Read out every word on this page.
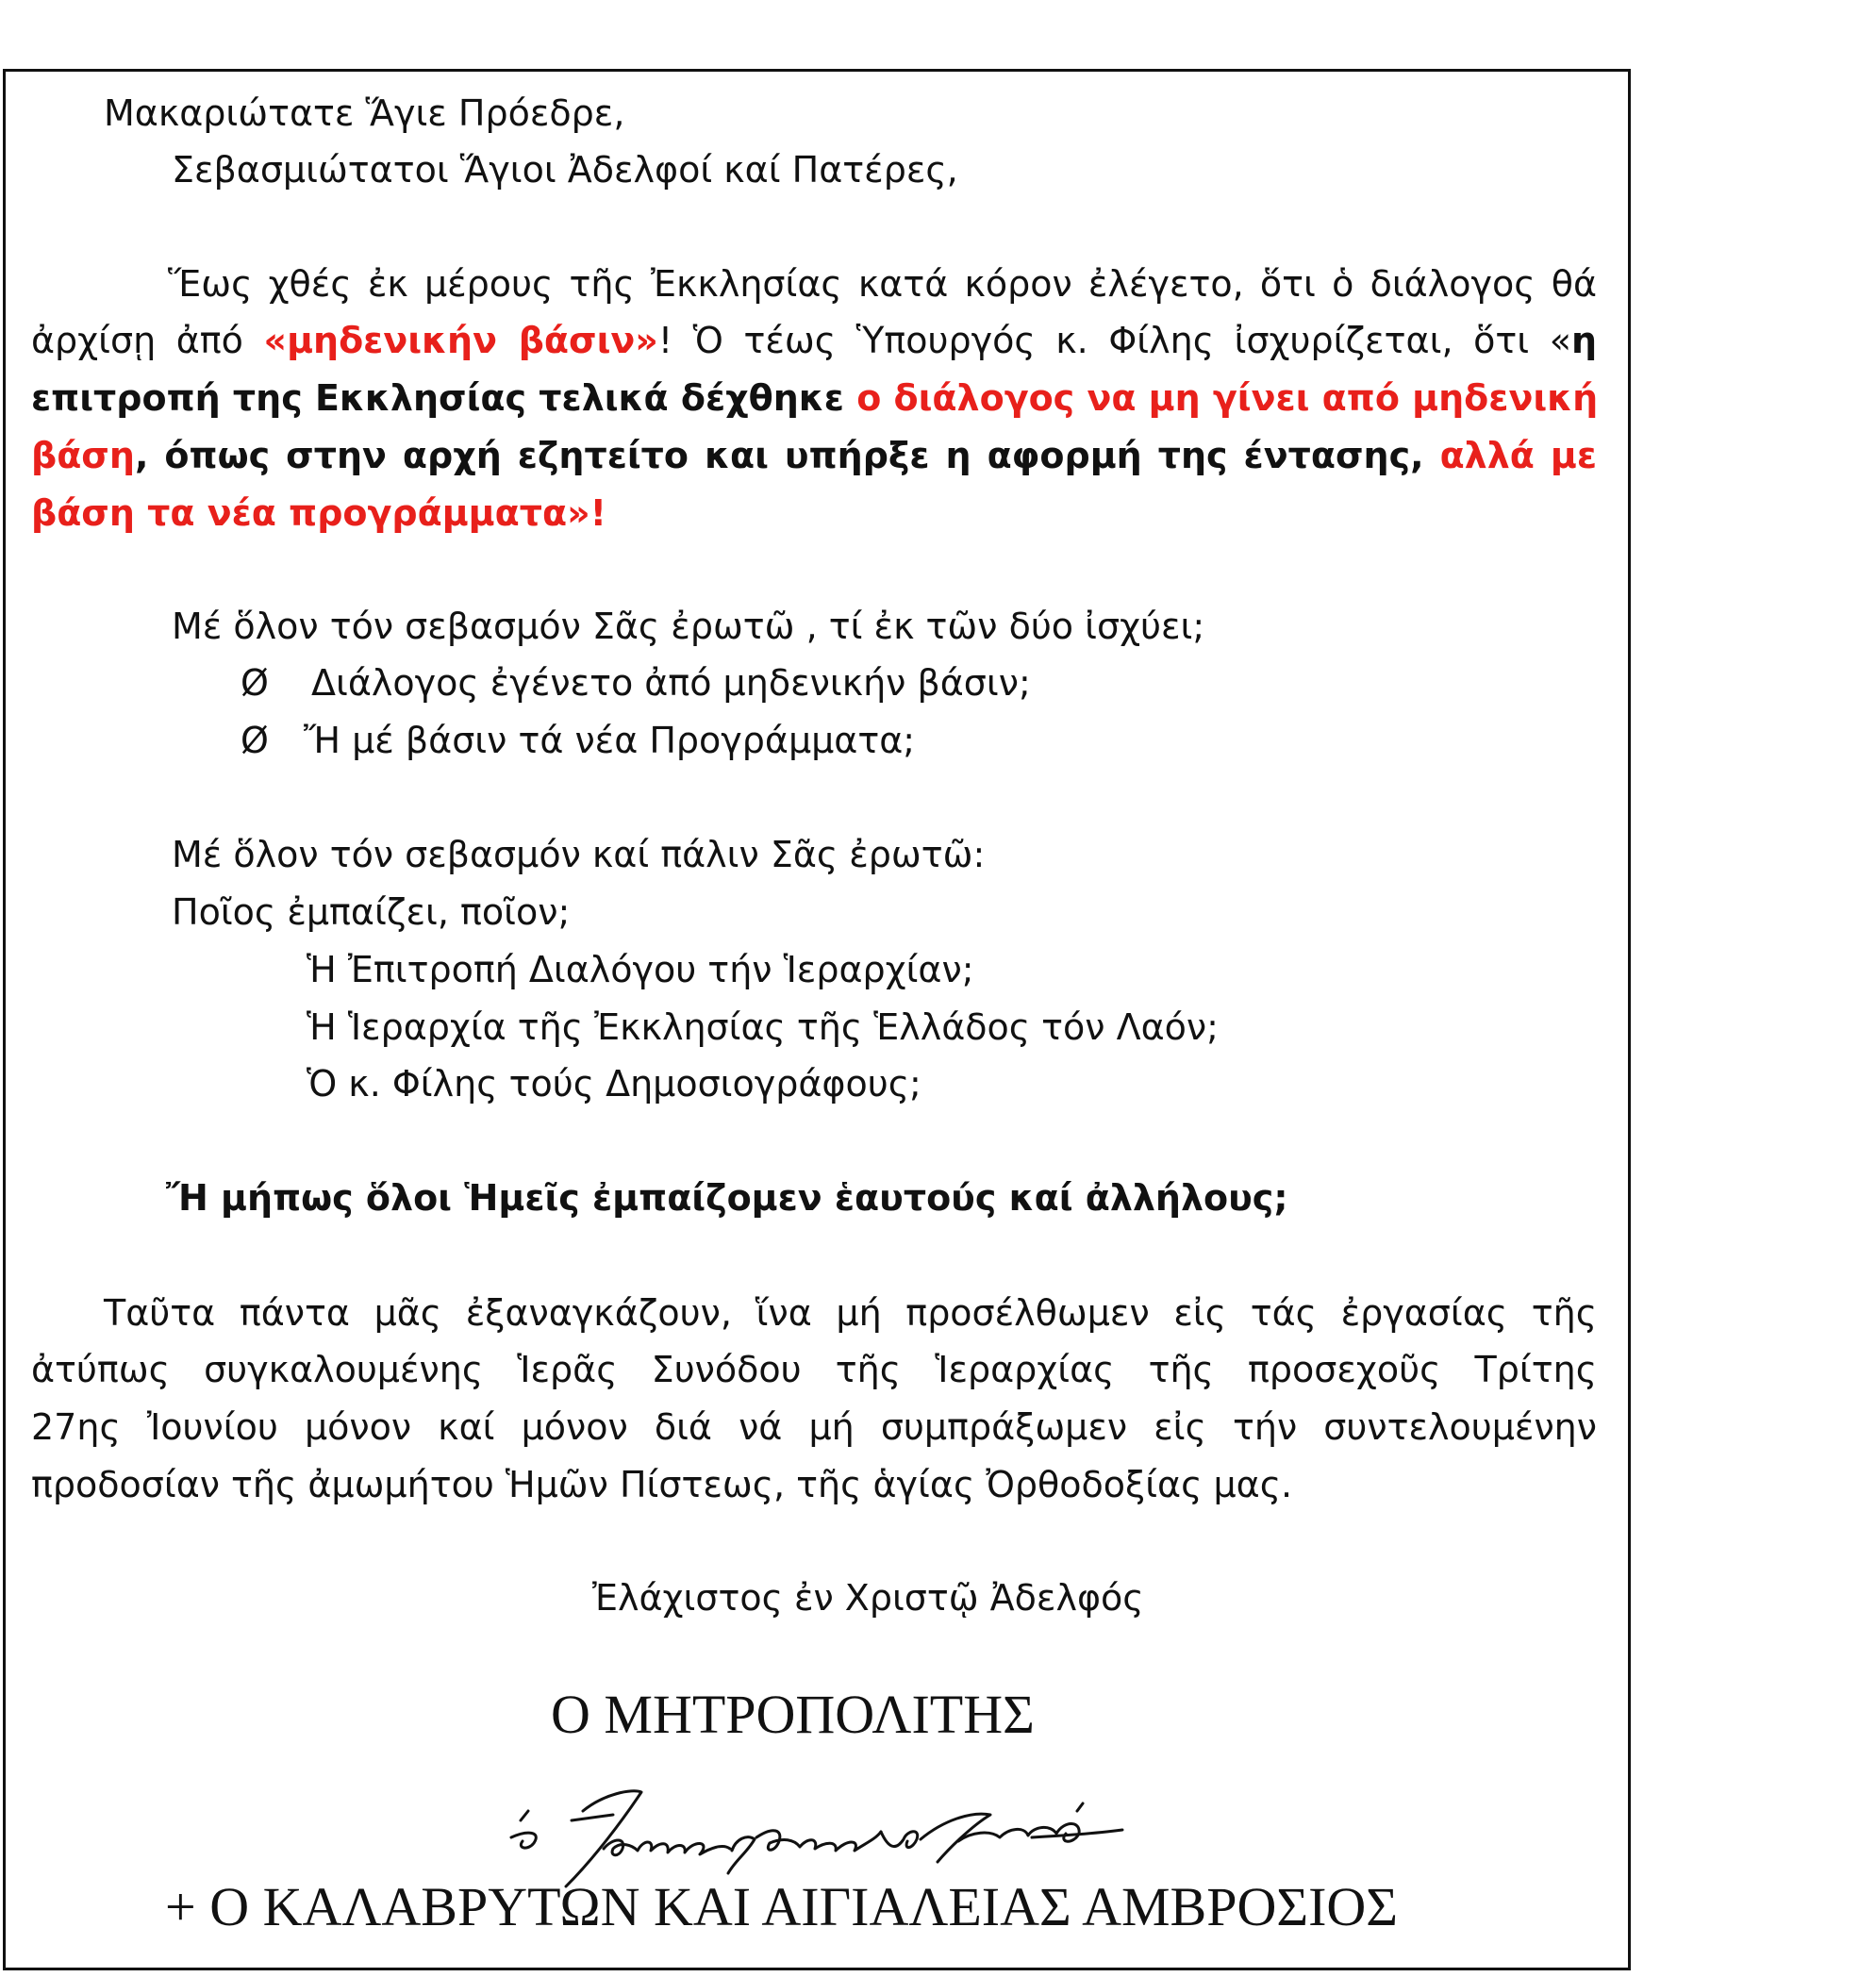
Μακαριώτατε Ἅγιε Πρόεδρε,
Σεβασμιώτατοι Ἅγιοι Ἀδελφοί καί Πατέρες,
Ἕως χθές ἐκ μέρους τῆς Ἐκκλησίας κατά κόρον ἐλέγετο, ὅτι ὁ διάλογος θά
ἀρχίσῃ ἀπό «μηδενικήν βάσιν»! Ὁ τέως Ὑπουργός κ. Φίλης ἰσχυρίζεται, ὅτι «η
επιτροπή της Εκκλησίας τελικά δέχθηκε ο διάλογος να μη γίνει από μηδενική
βάση, όπως στην αρχή εζητείτο και υπήρξε η αφορμή της έντασης, αλλά με
βάση τα νέα προγράμματα»!
Μέ ὅλον τόν σεβασμόν Σᾶς ἐρωτῶ , τί ἐκ τῶν δύο ἰσχύει;
Ø Διάλογος ἐγένετο ἀπό μηδενικήν βάσιν;
Ø Ἤ μέ βάσιν τά νέα Προγράμματα;
Μέ ὅλον τόν σεβασμόν καί πάλιν Σᾶς ἐρωτῶ:
Ποῖος ἐμπαίζει, ποῖον;
Ἡ Ἐπιτροπή Διαλόγου τήν Ἱεραρχίαν;
Ἡ Ἱεραρχία τῆς Ἐκκλησίας τῆς Ἑλλάδος τόν Λαόν;
Ὁ κ. Φίλης τούς Δημοσιογράφους;
Ἤ μήπως ὅλοι Ἡμεῖς ἐμπαίζομεν ἑαυτούς καί ἀλλήλους;
Ταῦτα πάντα μᾶς ἐξαναγκάζουν, ἵνα μή προσέλθωμεν εἰς τάς ἐργασίας τῆς
ἀτύπως συγκαλουμένης Ἱερᾶς Συνόδου τῆς Ἱεραρχίας τῆς προσεχοῦς Τρίτης
27ης Ἰουνίου μόνον καί μόνον διά νά μή συμπράξωμεν εἰς τήν συντελουμένην
προδοσίαν τῆς ἀμωμήτου Ἡμῶν Πίστεως, τῆς ἁγίας Ὀρθοδοξίας μας.
Ἐλάχιστος ἐν Χριστῷ Ἀδελφός
Ο ΜΗΤΡΟΠΟΛΙΤΗΣ
+ Ο ΚΑΛΑΒΡΥΤΩΝ ΚΑΙ ΑΙΓΙΑΛΕΙΑΣ ΑΜΒΡΟΣΙΟΣ
